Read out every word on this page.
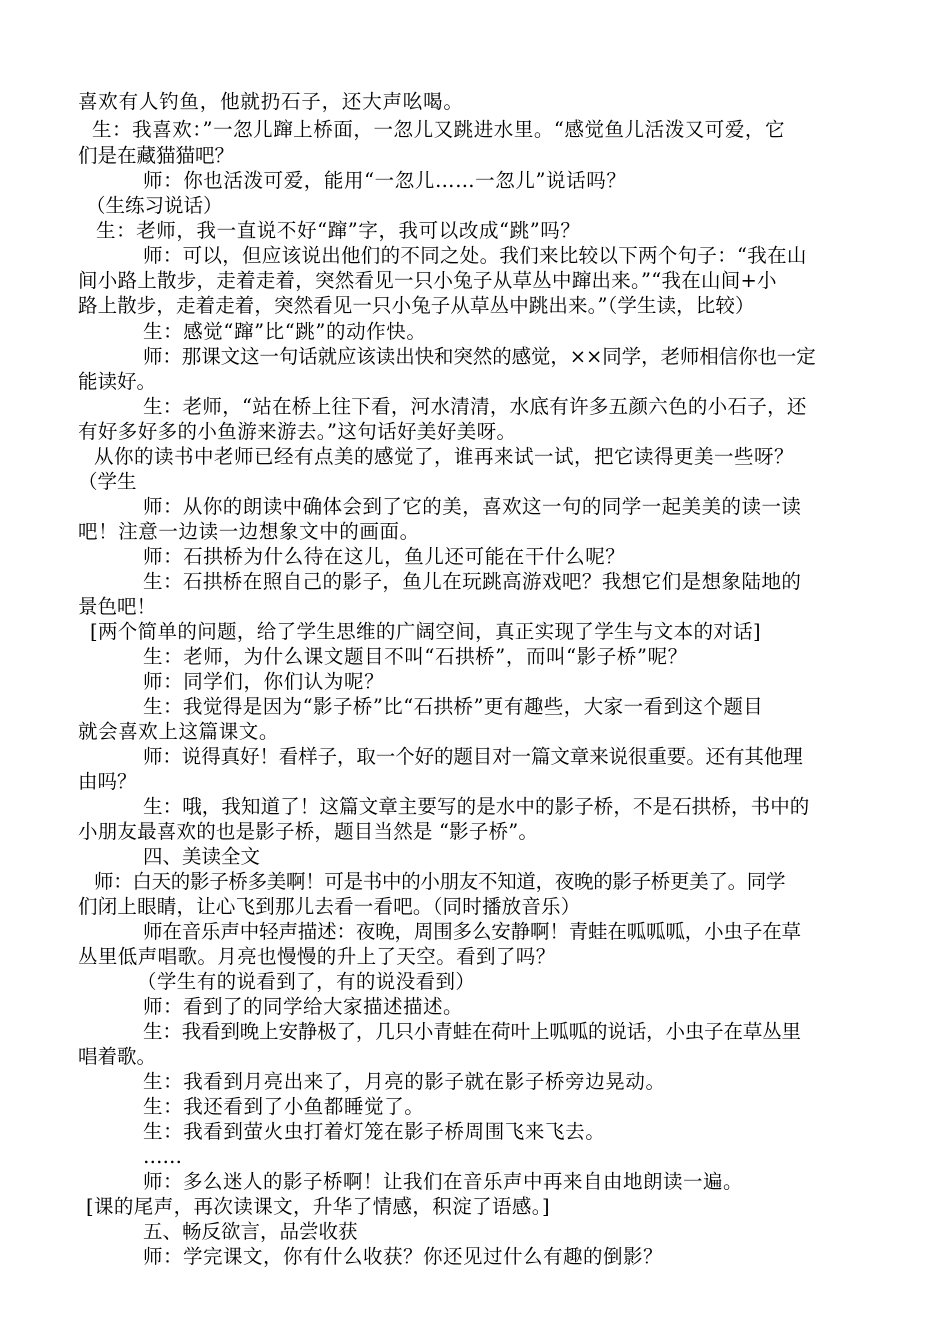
喜欢有人钓鱼，他就扔石子，还大声吆喝。
生：我喜欢：”一忽儿蹿上桥面，一忽儿又跳进水里。“感觉鱼儿活泼又可爱，它
们是在藏猫猫吧？
师：你也活泼可爱，能用“一忽儿……一忽儿”说话吗？
（生练习说话）
生：老师，我一直说不好“蹿”字，我可以改成“跳”吗？
师：可以，但应该说出他们的不同之处。我们来比较以下两个句子：“我在山
间小路上散步，走着走着，突然看见一只小兔子从草丛中蹿出来。”“我在山间+小
路上散步，走着走着，突然看见一只小兔子从草丛中跳出来。”（学生读，比较）
生：感觉“蹿”比“跳”的动作快。
师：那课文这一句话就应该读出快和突然的感觉，××同学，老师相信你也一定
能读好。
生：老师，“站在桥上往下看，河水清清，水底有许多五颜六色的小石子，还
有好多好多的小鱼游来游去。”这句话好美好美呀。
从你的读书中老师已经有点美的感觉了，谁再来试一试，把它读得更美一些呀？
（学生
师：从你的朗读中确体会到了它的美，喜欢这一句的同学一起美美的读一读
吧！注意一边读一边想象文中的画面。
师：石拱桥为什么待在这儿，鱼儿还可能在干什么呢？
生：石拱桥在照自己的影子，鱼儿在玩跳高游戏吧？我想它们是想象陆地的
景色吧！
[两个简单的问题，给了学生思维的广阔空间，真正实现了学生与文本的对话]
生：老师，为什么课文题目不叫“石拱桥”，而叫“影子桥”呢？
师：同学们，你们认为呢？
生：我觉得是因为“影子桥”比“石拱桥”更有趣些，大家一看到这个题目
就会喜欢上这篇课文。
师：说得真好！看样子，取一个好的题目对一篇文章来说很重要。还有其他理
由吗？
生：哦，我知道了！这篇文章主要写的是水中的影子桥，不是石拱桥，书中的
小朋友最喜欢的也是影子桥，题目当然是 “影子桥”。
四、美读全文
师：白天的影子桥多美啊！可是书中的小朋友不知道，夜晚的影子桥更美了。同学
们闭上眼睛，让心飞到那儿去看一看吧。（同时播放音乐）
师在音乐声中轻声描述：夜晚，周围多么安静啊！青蛙在呱呱呱，小虫子在草
丛里低声唱歌。月亮也慢慢的升上了天空。看到了吗？
（学生有的说看到了，有的说没看到）
师：看到了的同学给大家描述描述。
生：我看到晚上安静极了，几只小青蛙在荷叶上呱呱的说话，小虫子在草丛里
唱着歌。
生：我看到月亮出来了，月亮的影子就在影子桥旁边晃动。
生：我还看到了小鱼都睡觉了。
生：我看到萤火虫打着灯笼在影子桥周围飞来飞去。
……
师：多么迷人的影子桥啊！让我们在音乐声中再来自由地朗读一遍。
[课的尾声，再次读课文，升华了情感，积淀了语感。]
五、畅反欲言，品尝收获
师：学完课文，你有什么收获？你还见过什么有趣的倒影？
